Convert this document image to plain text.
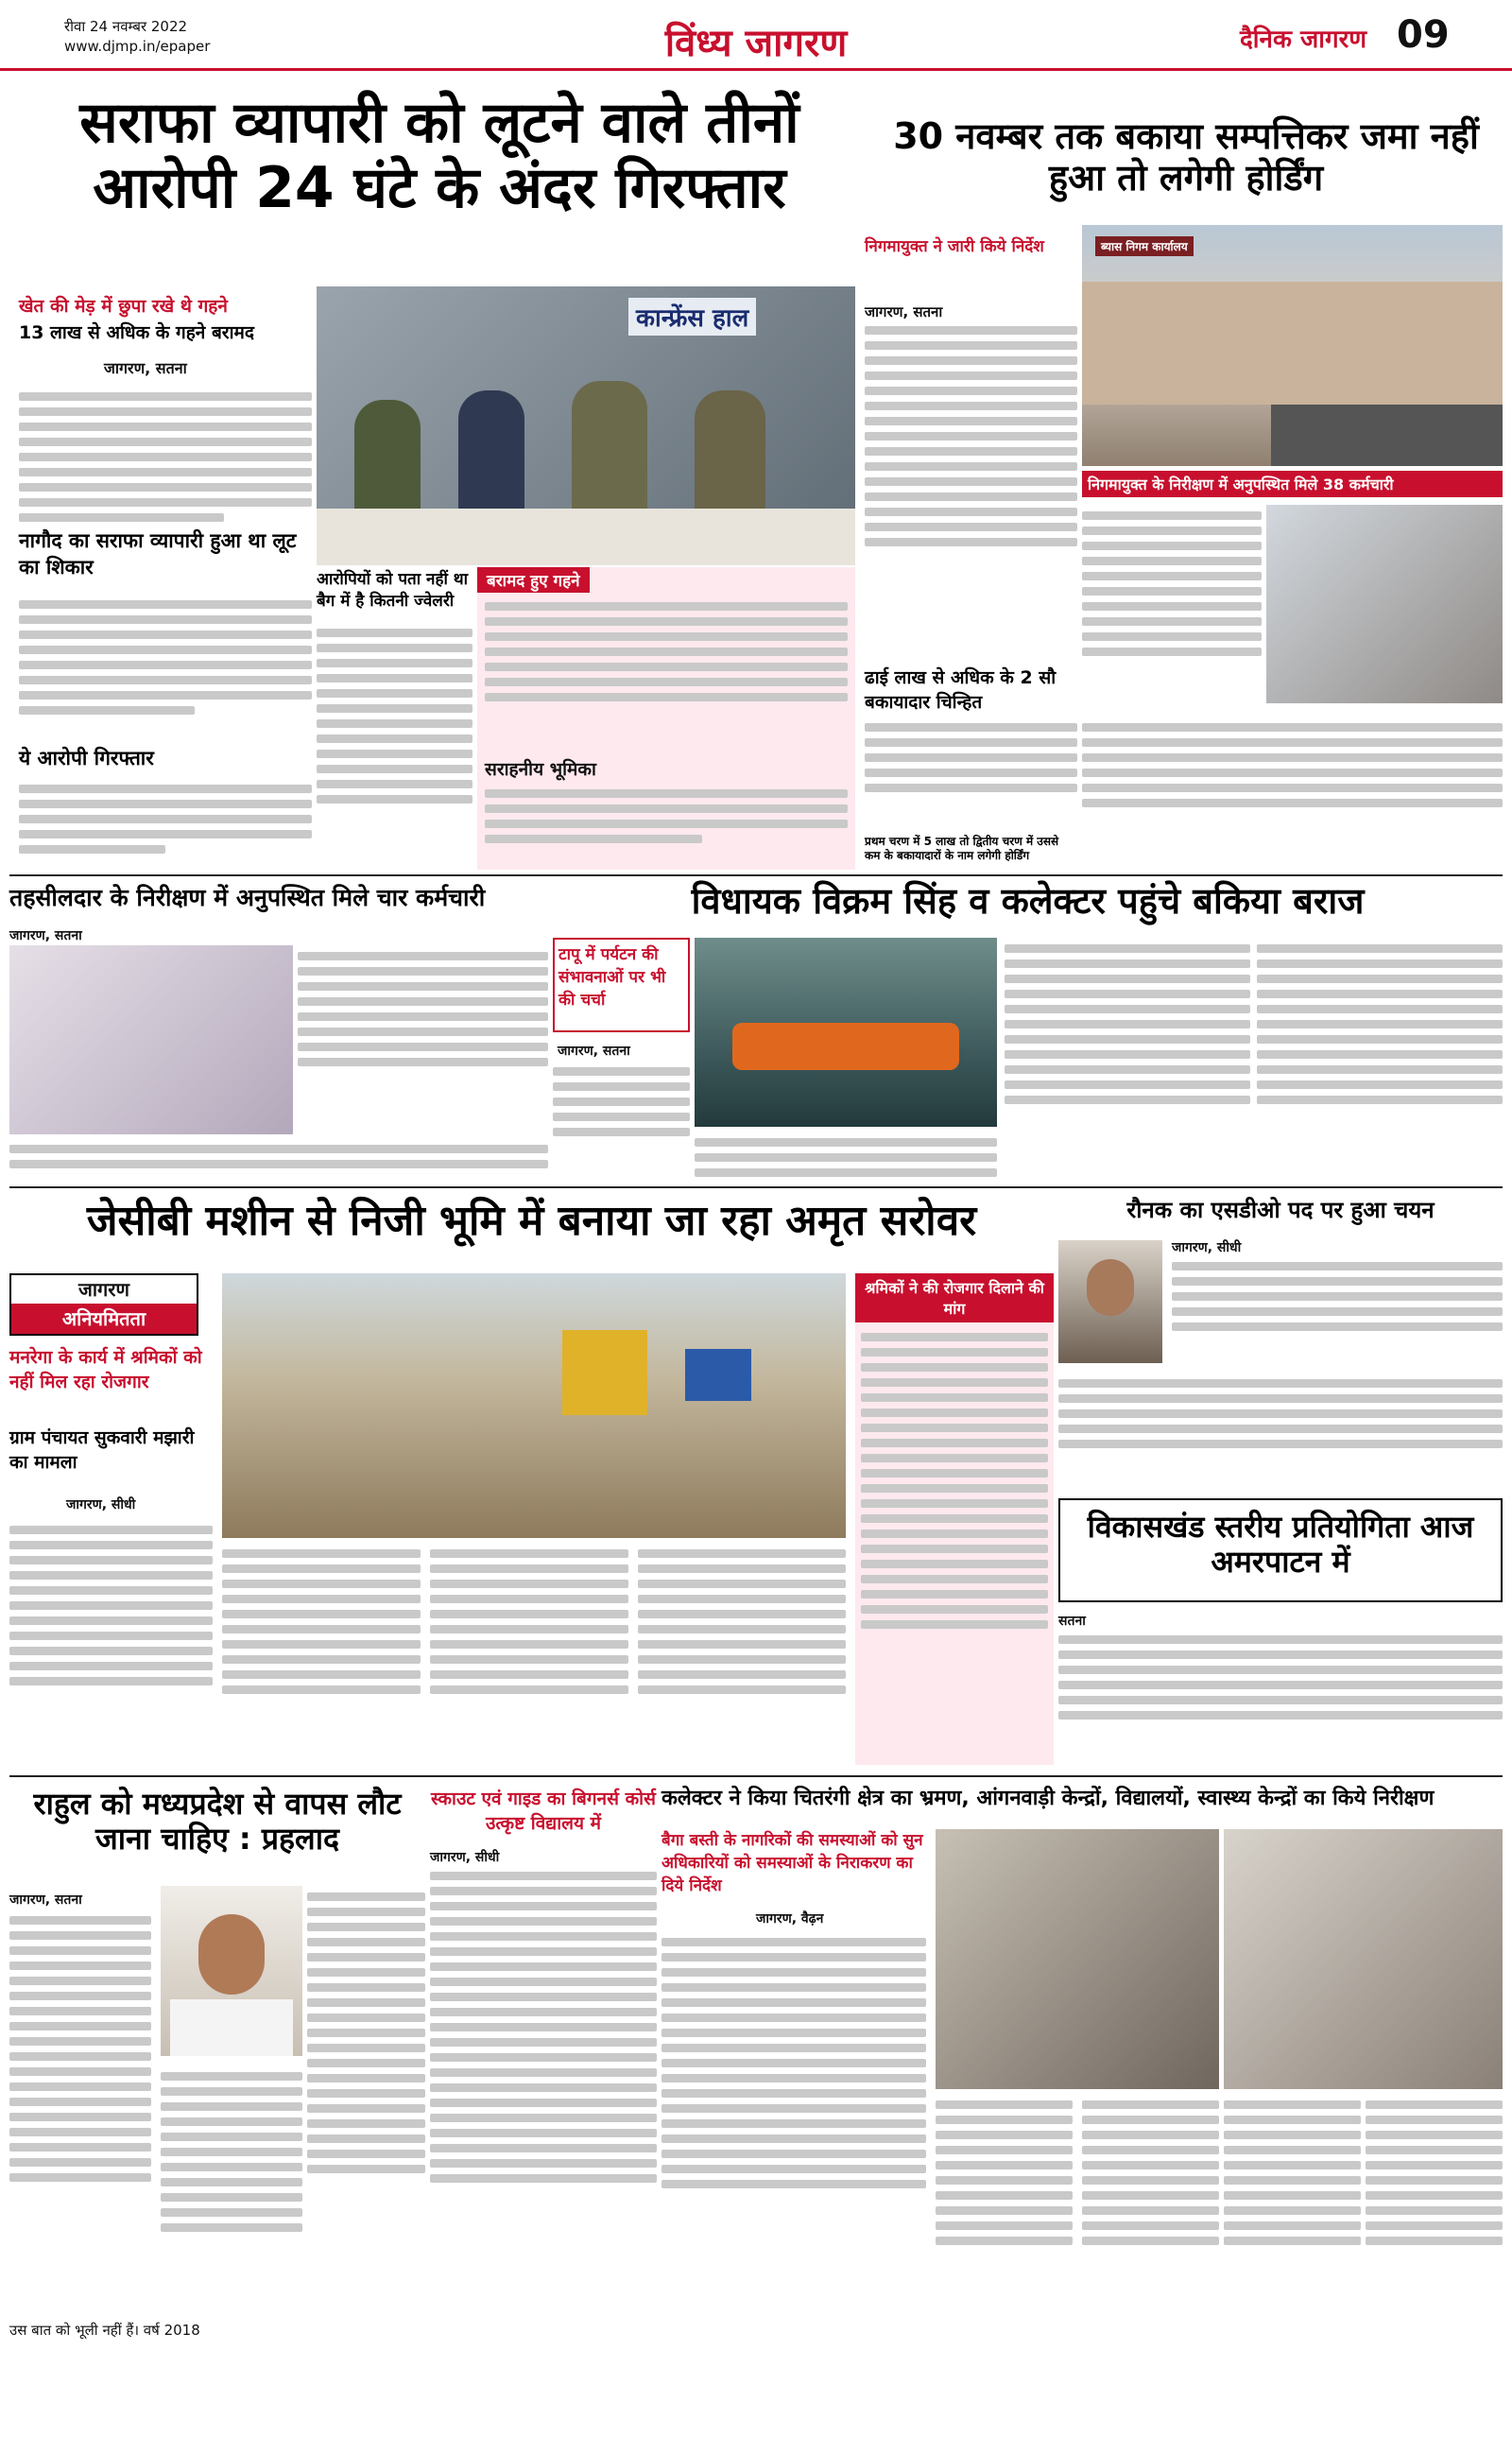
रीवा 24 नवम्बर 2022
www.djmp.in/epaper	विंध्य जागरण	दैनिक जागरण 09
सराफा व्यापारी को लूटने वाले तीनों आरोपी 24 घंटे के अंदर गिरफ्तार
खेत की मेड़ में छुपा रखे थे गहने
13 लाख से अधिक के गहने बरामद
जागरण, सतना
नागौद का सराफा व्यापारी हुआ था लूट का शिकार
ये आरोपी गिरफ्तार
कान्फ्रेंस हाल
आरोपियों को पता नहीं था बैग में है कितनी ज्वेलरी
बरामद हुए गहने
सराहनीय भूमिका
30 नवम्बर तक बकाया सम्पत्तिकर जमा नहीं हुआ तो लगेगी होर्डिंग
निगमायुक्त ने जारी किये निर्देश	ब्यास निगम कार्यालय
जागरण, सतना
ढाई लाख से अधिक के 2 सौ बकायादार चिन्हित
प्रथम चरण में 5 लाख तो द्वितीय चरण में उससे कम के बकायादारों के नाम लगेगी होर्डिंग
निगमायुक्त के निरीक्षण में अनुपस्थित मिले 38 कर्मचारी
तहसीलदार के निरीक्षण में अनुपस्थित मिले चार कर्मचारी
जागरण, सतना
विधायक विक्रम सिंह व कलेक्टर पहुंचे बकिया बराज
टापू में पर्यटन की संभावनाओं पर भी की चर्चा
जागरण, सतना
जेसीबी मशीन से निजी भूमि में बनाया जा रहा अमृत सरोवर
जागरण
अनियमितता
मनरेगा के कार्य में श्रमिकों को नहीं मिल रहा रोजगार
ग्राम पंचायत सुकवारी मझारी का मामला
जागरण, सीधी
श्रमिकों ने की रोजगार दिलाने की मांग
रौनक का एसडीओ पद पर हुआ चयन
जागरण, सीधी
विकासखंड स्तरीय प्रतियोगिता आज अमरपाटन में
सतना
राहुल को मध्यप्रदेश से वापस लौट जाना चाहिए : प्रहलाद
जागरण, सतना
उस बात को भूली नहीं हैं। वर्ष 2018
स्काउट एवं गाइड का बिगनर्स कोर्स उत्कृष्ट विद्यालय में
जागरण, सीधी
कलेक्टर ने किया चितरंगी क्षेत्र का भ्रमण, आंगनवाड़ी केन्द्रों, विद्यालयों, स्वास्थ्य केन्द्रों का किये निरीक्षण
बैगा बस्ती के नागरिकों की समस्याओं को सुन अधिकारियों को समस्याओं के निराकरण का दिये निर्देश
जागरण, वैढ़न
